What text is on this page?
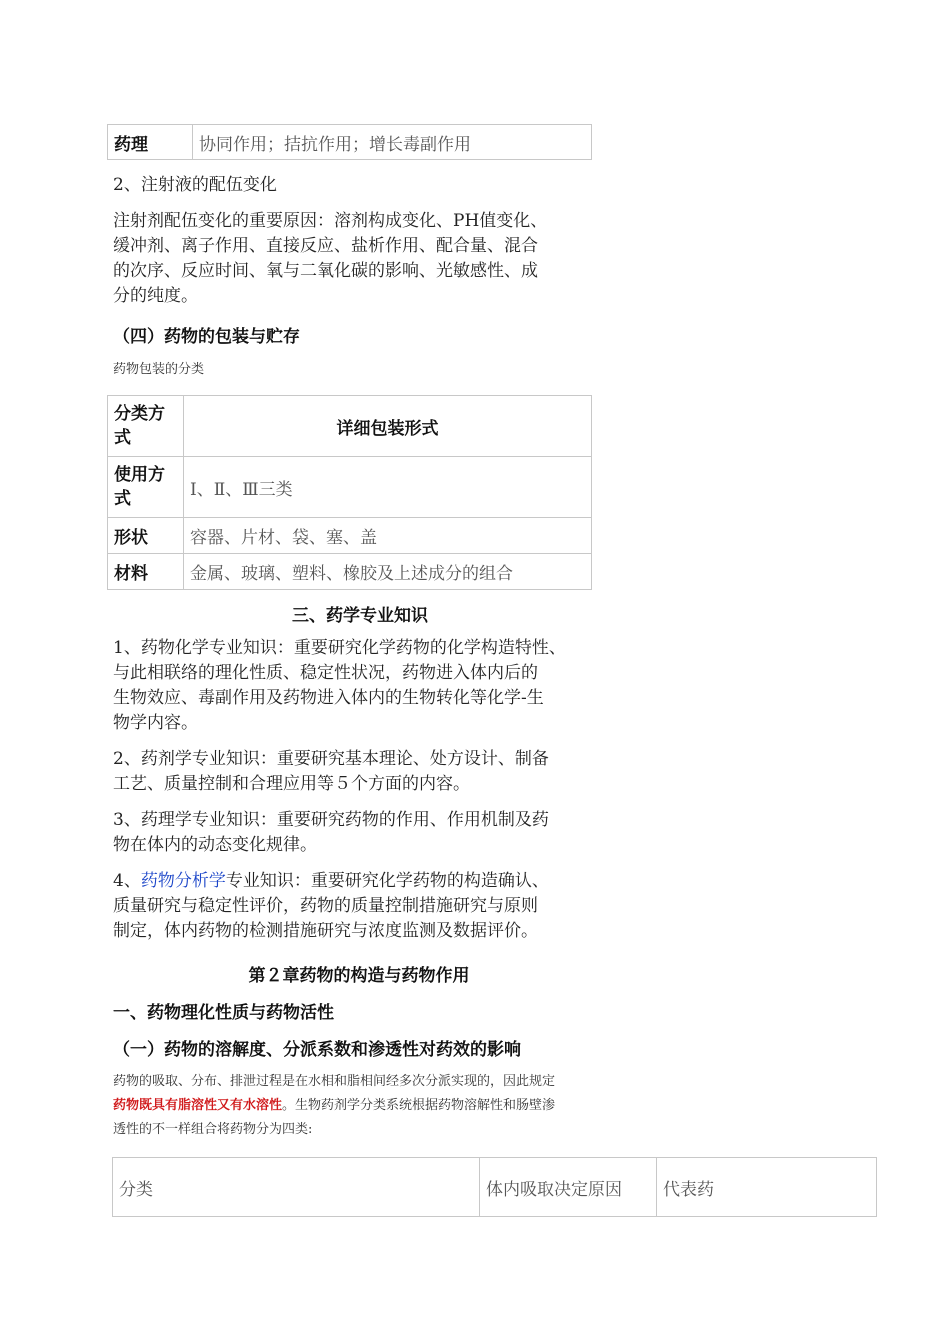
药理	协同作用；拮抗作用；增长毒副作用
2、注射液的配伍变化
注射剂配伍变化的重要原因：溶剂构成变化、PH值变化、
缓冲剂、离子作用、直接反应、盐析作用、配合量、混合
的次序、反应时间、氧与二氧化碳的影响、光敏感性、成
分的纯度。
（四）药物的包装与贮存
药物包装的分类
分类方
式	详细包装形式

使用方
式	Ⅰ、Ⅱ、Ⅲ三类
形状	容器、片材、袋、塞、盖
材料	金属、玻璃、塑料、橡胶及上述成分的组合
三、药学专业知识
1、药物化学专业知识：重要研究化学药物的化学构造特性、
与此相联络的理化性质、稳定性状况，药物进入体内后的
生物效应、毒副作用及药物进入体内的生物转化等化学-生
物学内容。
2、药剂学专业知识：重要研究基本理论、处方设计、制备
工艺、质量控制和合理应用等５个方面的内容。
3、药理学专业知识：重要研究药物的作用、作用机制及药
物在体内的动态变化规律。
4、药物分析学专业知识：重要研究化学药物的构造确认、
质量研究与稳定性评价，药物的质量控制措施研究与原则
制定，体内药物的检测措施研究与浓度监测及数据评价。
第２章药物的构造与药物作用
一、药物理化性质与药物活性
（一）药物的溶解度、分派系数和渗透性对药效的影响
药物的吸取、分布、排泄过程是在水相和脂相间经多次分派实现的，因此规定
药物既具有脂溶性又有水溶性。生物药剂学分类系统根据药物溶解性和肠壁渗
透性的不一样组合将药物分为四类:
分类	体内吸取决定原因	代表药
